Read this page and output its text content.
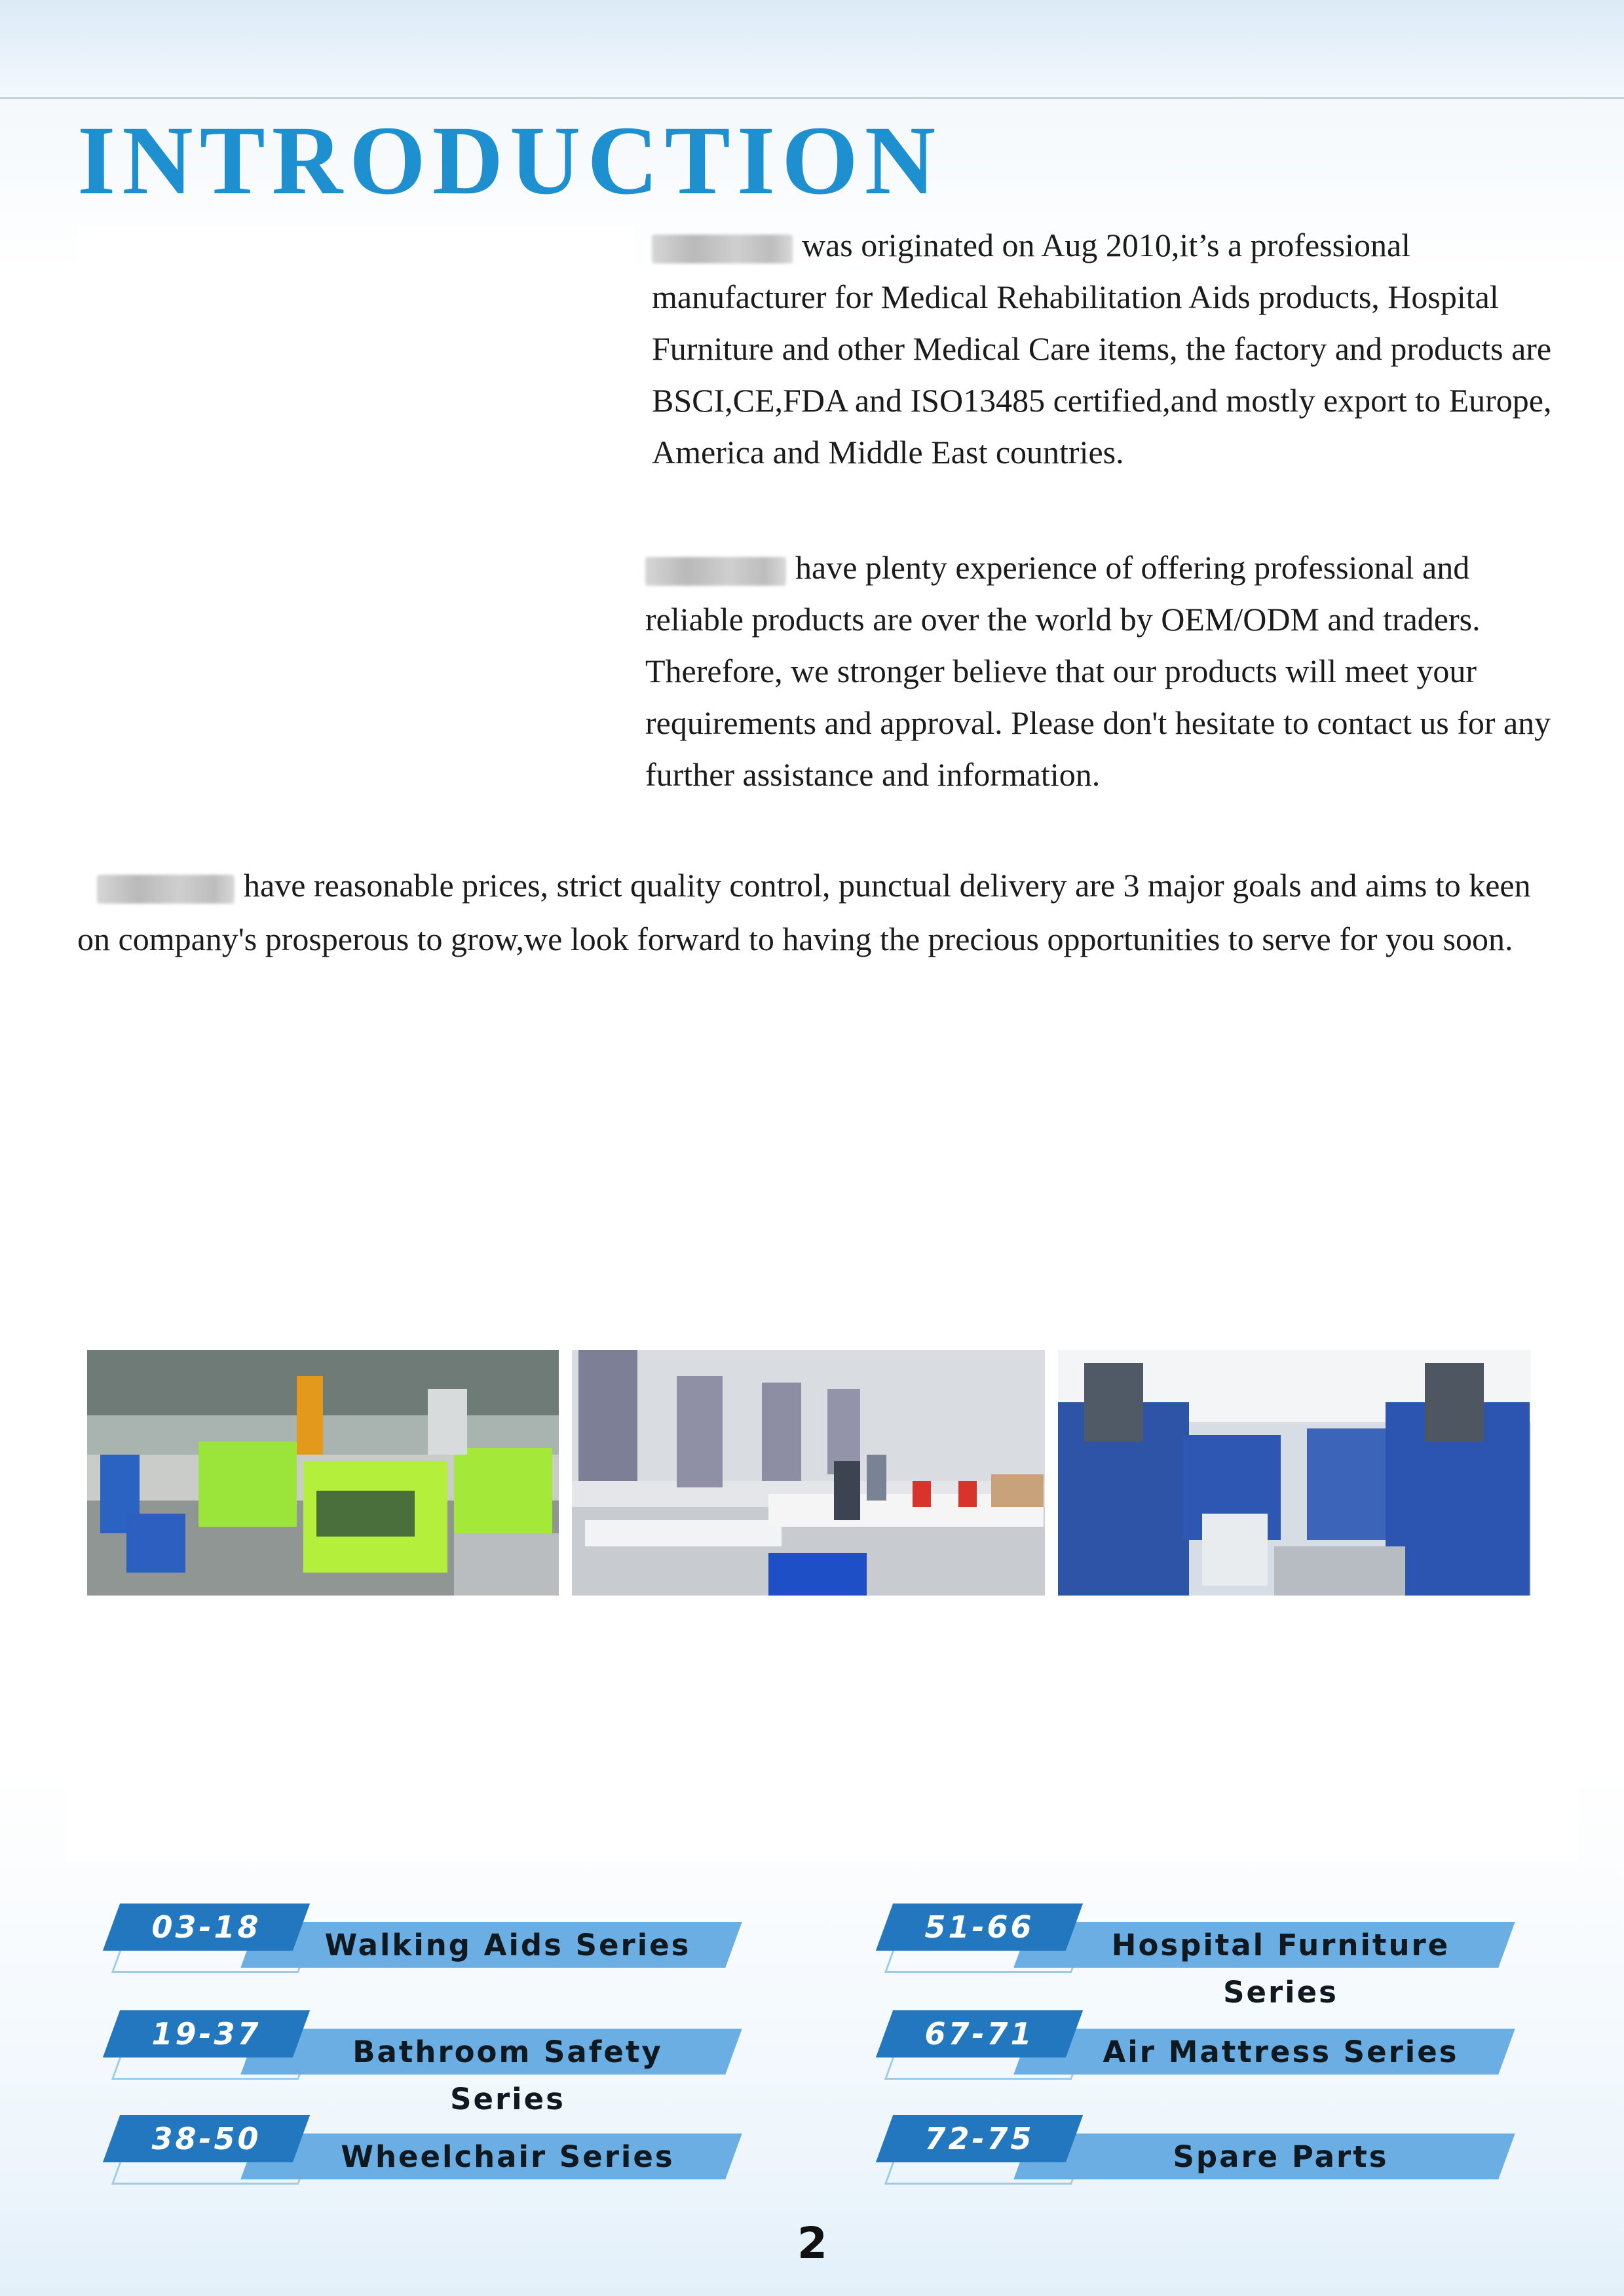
INTRODUCTION

was originated on Aug 2010,it’s a professional manufacturer for Medical Rehabilitation Aids products, Hospital Furniture and other Medical Care items, the factory and products are BSCI,CE,FDA and ISO13485 certified,and mostly export to Europe, America and Middle East countries.

have plenty experience of offering professional and reliable products are over the world by OEM/ODM and traders. Therefore, we stronger believe that our products will meet your requirements and approval. Please don't hesitate to contact us for any further assistance and information.

have reasonable prices, strict quality control, punctual delivery are 3 major goals and aims to keen on company's prosperous to grow,we look forward to having the precious opportunities to serve for you soon.

03-18
Walking Aids Series
19-37
Bathroom Safety Series
38-50
Wheelchair Series
51-66
Hospital Furniture Series
67-71
Air Mattress Series
72-75
Spare Parts
2
